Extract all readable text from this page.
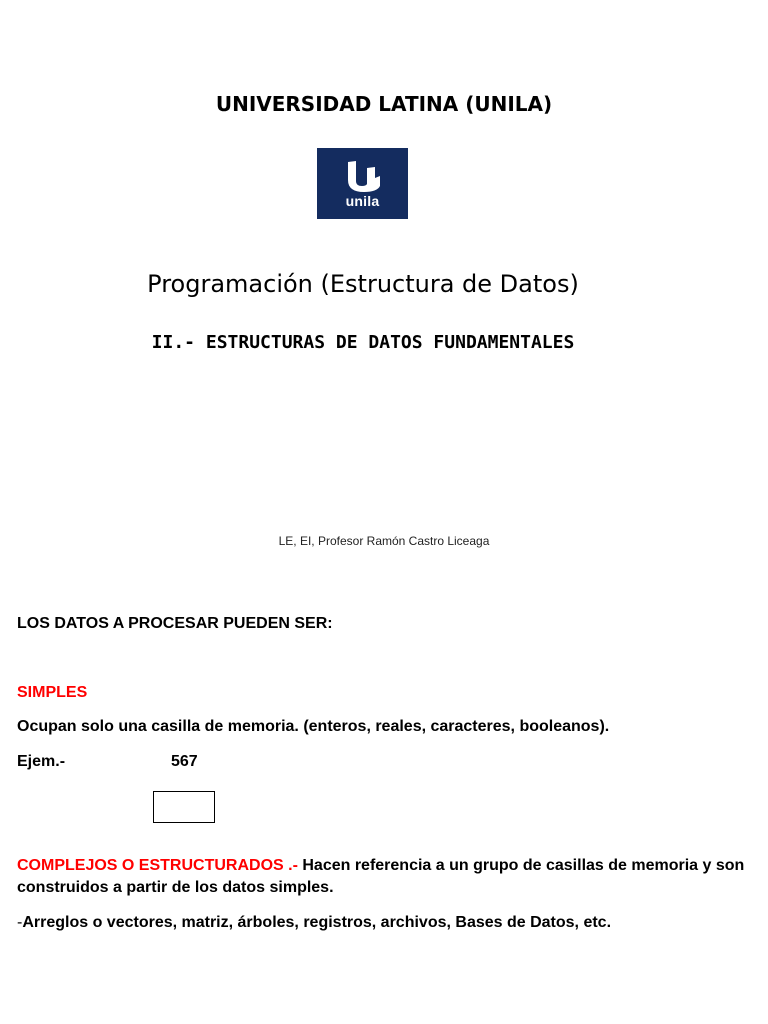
UNIVERSIDAD LATINA (UNILA)
unila
Programación (Estructura de Datos)
II.- ESTRUCTURAS DE DATOS FUNDAMENTALES
LE, EI, Profesor Ramón Castro Liceaga
LOS DATOS A PROCESAR PUEDEN SER:
SIMPLES
Ocupan solo una casilla de memoria. (enteros, reales, caracteres, booleanos).
Ejem.-	567
COMPLEJOS O ESTRUCTURADOS .- Hacen referencia a un grupo de casillas de memoria y son construidos a partir de los datos simples.
-Arreglos o vectores, matriz, árboles, registros, archivos, Bases de Datos, etc.
